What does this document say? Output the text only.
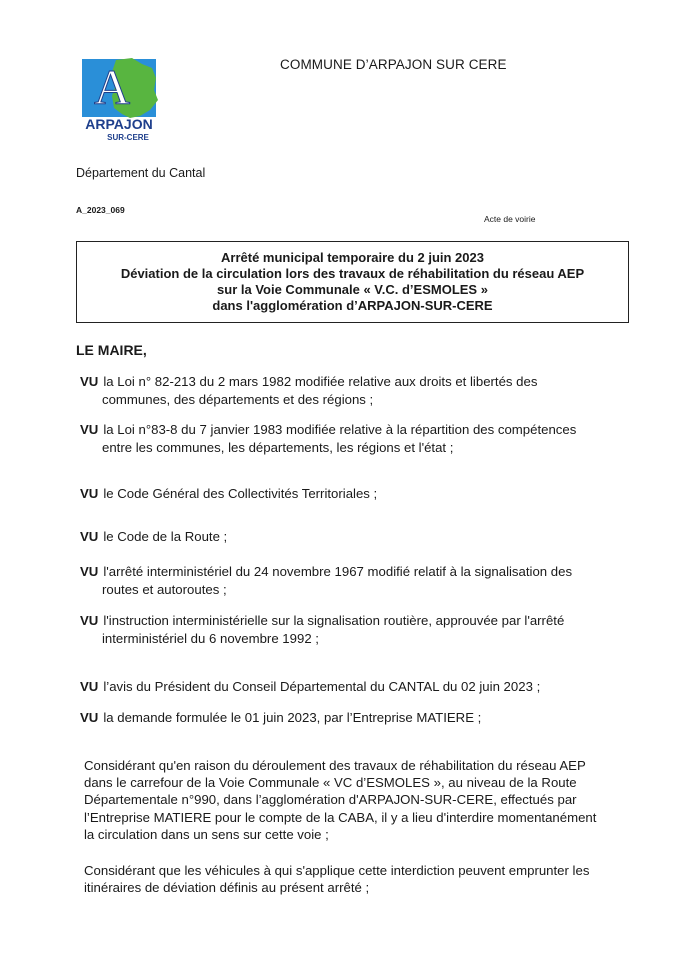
A
ARPAJON
SUR-CERE
COMMUNE D’ARPAJON SUR CERE
Département du Cantal
A_2023_069
Acte de voirie
Arrêté municipal temporaire du 2 juin 2023
Déviation de la circulation lors des travaux de réhabilitation du réseau AEP
sur la Voie Communale « V.C. d’ESMOLES »
dans l'agglomération d’ARPAJON-SUR-CERE
LE MAIRE,
VU la Loi n° 82-213 du 2 mars 1982 modifiée relative aux droits et libertés des
communes, des départements et des régions ;
VU la Loi n°83-8 du 7 janvier 1983 modifiée relative à la répartition des compétences
entre les communes, les départements, les régions et l'état ;
VU le Code Général des Collectivités Territoriales ;
VU le Code de la Route ;
VU l'arrêté interministériel du 24 novembre 1967 modifié relatif à la signalisation des
routes et autoroutes ;
VU l'instruction interministérielle sur la signalisation routière, approuvée par l'arrêté
interministériel du 6 novembre 1992 ;
VU l’avis du Président du Conseil Départemental du CANTAL du 02 juin 2023 ;
VU la demande formulée le 01 juin 2023, par l’Entreprise MATIERE ;
Considérant qu'en raison du déroulement des travaux de réhabilitation du réseau AEP
dans le carrefour de la Voie Communale « VC d’ESMOLES », au niveau de la Route
Départementale n°990, dans l’agglomération d'ARPAJON-SUR-CERE, effectués par
l’Entreprise MATIERE pour le compte de la CABA, il y a lieu d'interdire momentanément
la circulation dans un sens sur cette voie ;
Considérant que les véhicules à qui s'applique cette interdiction peuvent emprunter les
itinéraires de déviation définis au présent arrêté ;
